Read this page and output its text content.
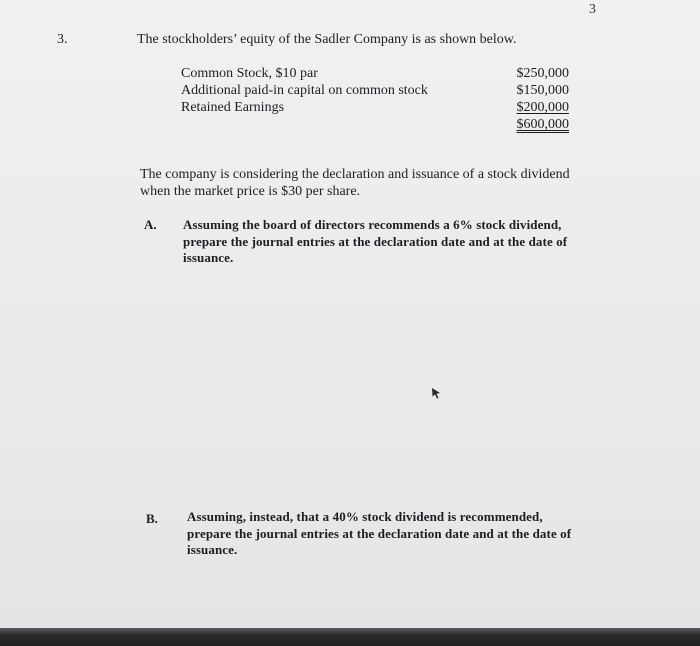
3
3.	The stockholders’ equity of the Sadler Company is as shown below.
Common Stock, $10 par	$250,000
Additional paid-in capital on common stock	$150,000
Retained Earnings	$200,000
$600,000
The company is considering the declaration and issuance of a stock dividend
when the market price is $30 per share.
A. Assuming the board of directors recommends a 6% stock dividend,
prepare the journal entries at the declaration date and at the date of
issuance.
B. Assuming, instead, that a 40% stock dividend is recommended,
prepare the journal entries at the declaration date and at the date of
issuance.
